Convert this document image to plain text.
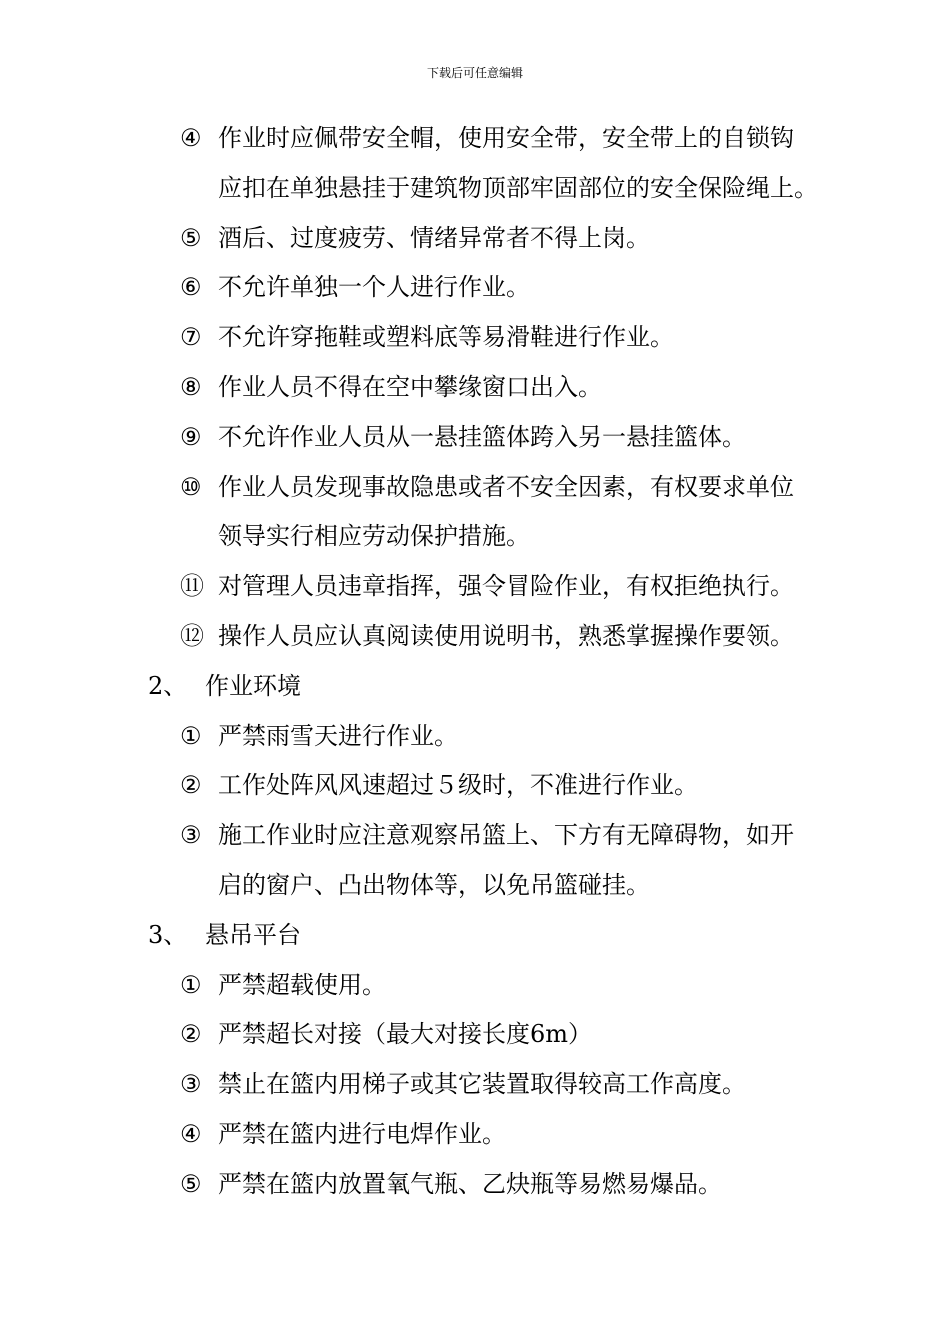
下载后可任意编辑
④ 作业时应佩带安全帽，使用安全带，安全带上的自锁钩
应扣在单独悬挂于建筑物顶部牢固部位的安全保险绳上。
⑤ 酒后、过度疲劳、情绪异常者不得上岗。
⑥ 不允许单独一个人进行作业。
⑦ 不允许穿拖鞋或塑料底等易滑鞋进行作业。
⑧ 作业人员不得在空中攀缘窗口出入。
⑨ 不允许作业人员从一悬挂篮体跨入另一悬挂篮体。
⑩ 作业人员发现事故隐患或者不安全因素，有权要求单位
领导实行相应劳动保护措施。
⑪ 对管理人员违章指挥，强令冒险作业，有权拒绝执行。
⑫ 操作人员应认真阅读使用说明书，熟悉掌握操作要领。
2、 作业环境
① 严禁雨雪天进行作业。
② 工作处阵风风速超过５级时，不准进行作业。
③ 施工作业时应注意观察吊篮上、下方有无障碍物，如开
启的窗户、凸出物体等，以免吊篮碰挂。
3、 悬吊平台
① 严禁超载使用。
② 严禁超长对接（最大对接长度6m）
③ 禁止在篮内用梯子或其它装置取得较高工作高度。
④ 严禁在篮内进行电焊作业。
⑤ 严禁在篮内放置氧气瓶、乙炔瓶等易燃易爆品。
